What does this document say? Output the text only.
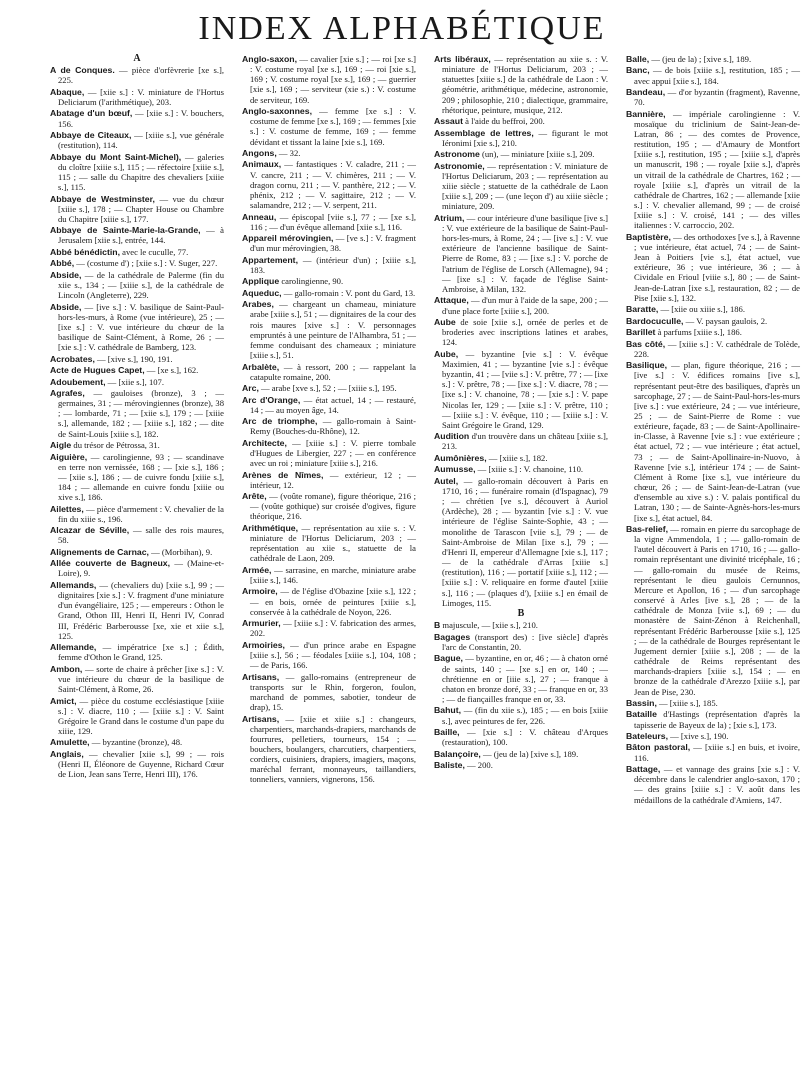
INDEX ALPHABÉTIQUE
A
A de Conques. — pièce d'orfèvrerie [xe s.], 225.
Abaque, — [xiie s.] : V. miniature de l'Hortus Deliciarum (l'arithmétique), 203.
Abatage d'un bœuf, — [xiie s.] : V. bouchers, 156.
Abbaye de Citeaux, — [xiiie s.], vue générale (restitution), 114.
Abbaye du Mont Saint-Michel), — galeries du cloître [xiiie s.], 115 ; — réfectoire [xiiie s.], 115 ; — salle du Chapitre des chevaliers [xiiie s.], 115.
Abbaye de Westminster, — vue du chœur [xiiie s.], 178 ; — Chapter House ou Chambre du Chapitre [xiiie s.], 177.
Abbaye de Sainte-Marie-la-Grande, — à Jerusalem [xiie s.], entrée, 144.
Abbé bénédictin, avec le cuculle, 77.
Abbé, — (costume d') ; [xiie s.] : V. Suger, 227.
Abside, — de la cathédrale de Palerme (fin du xiie s., 134 ; — [xiiie s.], de la cathédrale de Lincoln (Angleterre), 229.
Abside, — [ive s.] : V. basilique de Saint-Paul-hors-les-murs, à Rome (vue intérieure), 25 ; — [ixe s.] : V. vue intérieure du chœur de la basilique de Saint-Clément, à Rome, 26 ; — [xie s.] : V. cathédrale de Bamberg, 123.
Acrobates, — [xive s.], 190, 191.
Acte de Hugues Capet, — [xe s.], 162.
Adoubement, — [xiie s.], 107.
Agrafes, — gauloises (bronze), 3 ; — germaines, 31 ; — mérovingiennes (bronze), 38 ; — lombarde, 71 ; — [xiie s.], 179 ; — [xiiie s.], allemande, 182 ; — [xiiie s.], 182 ; — dite de Saint-Louis [xiiie s.], 182.
Aigle du trésor de Pétrossa, 31.
Aiguière, — carolingienne, 93 ; — scandinave en terre non vernissée, 168 ; — [xie s.], 186 ; — [xiie s.], 186 ; — de cuivre fondu [xiiie s.], 184 ; — allemande en cuivre fondu [xiiie ou xive s.], 186.
Ailettes, — pièce d'armement : V. chevalier de la fin du xiiie s., 196.
Alcazar de Séville, — salle des rois maures, 58.
Alignements de Carnac, — (Morbihan), 9.
Allée couverte de Bagneux, — (Maine-et-Loire), 9.
Allemands, — (chevaliers du) [xiie s.], 99 ; — dignitaires [xie s.] : V. fragment d'une miniature d'un évangéliaire, 125 ; — empereurs : Othon le Grand, Othon III, Henri II, Henri IV, Conrad III, Frédéric Barberousse [xe, xie et xiie s.], 125.
Allemande, — impératrice [xe s.] ; Édith, femme d'Othon le Grand, 125.
Ambon, — sorte de chaire à prêcher [ixe s.] : V. vue intérieure du chœur de la basilique de Saint-Clément, à Rome, 26.
Amict, — pièce du costume ecclésiastique [xiiie s.] : V. diacre, 110 ; — [xiiie s.] : V. Saint Grégoire le Grand dans le costume d'un pape du xiiie, 129.
Amulette, — byzantine (bronze), 48.
Anglais, — chevalier [xiie s.], 99 ; — rois (Henri II, Éléonore de Guyenne, Richard Cœur de Lion, Jean sans Terre, Henri III), 176.
Anglo-saxon, — cavalier [xie s.] ; — roi [xe s.] : V. costume royal [xe s.], 169 ; — roi [xie s.], 169 ; V. costume royal [xe s.], 169 ; — guerrier [xie s.], 169 ; — serviteur (xie s.) : V. costume de serviteur, 169.
Anglo-saxonnes, — femme [xe s.] : V. costume de femme [xe s.], 169 ; — femmes [xie s.] : V. costume de femme, 169 ; — femme dévidant et tissant la laine [xie s.], 169.
Angons, — 32.
Animaux, — fantastiques : V. caladre, 211 ; — V. cancre, 211 ; — V. chimères, 211 ; — V. dragon cornu, 211 ; — V. panthère, 212 ; — V. phénix, 212 ; — V. sagittaire, 212 ; — V. salamandre, 212 ; — V. serpent, 211.
Anneau, — épiscopal [viie s.], 77 ; — [xe s.], 116 ; — d'un évêque allemand [xiie s.], 116.
Appareil mérovingien, — [ve s.] : V. fragment d'un mur mérovingien, 38.
Appartement, — (intérieur d'un) ; [xiiie s.], 183.
Applique carolingienne, 90.
Aqueduc, — gallo-romain : V. pont du Gard, 13.
Arabes, — chargeant un chameau, miniature arabe [xiiie s.], 51 ; — dignitaires de la cour des rois maures [xive s.] : V. personnages empruntés à une peinture de l'Alhambra, 51 ; — femme conduisant des chameaux ; miniature [xiiie s.], 51.
Arbalète, — à ressort, 200 ; — rappelant la catapulte romaine, 200.
Arc, — arabe [xve s.], 52 ; — [xiiie s.], 195.
Arc d'Orange, — état actuel, 14 ; — restauré, 14 ; — au moyen âge, 14.
Arc de triomphe, — gallo-romain à Saint-Remy (Bouches-du-Rhône), 12.
Architecte, — [xiiie s.] : V. pierre tombale d'Hugues de Libergier, 227 ; — en conférence avec un roi ; miniature [xiiie s.], 216.
Arènes de Nîmes, — extérieur, 12 ; — intérieur, 12.
Arête, — (voûte romane), figure théorique, 216 ; — (voûte gothique) sur croisée d'ogives, figure théorique, 216.
Arithmétique, — représentation au xiie s. : V. miniature de l'Hortus Deliciarum, 203 ; — représentation au xiie s., statuette de la cathédrale de Laon, 209.
Armée, — sarrasine, en marche, miniature arabe [xiiie s.], 146.
Armoire, — de l'église d'Obazine [xiie s.], 122 ; — en bois, ornée de peintures [xiiie s.], conservée à la cathédrale de Noyon, 226.
Armurier, — [xiiie s.] : V. fabrication des armes, 202.
Armoiries, — d'un prince arabe en Espagne [xiiie s.], 56 ; — féodales [xiiie s.], 104, 108 ; — de Paris, 166.
Artisans, — gallo-romains (entrepreneur de transports sur le Rhin, forgeron, foulon, marchand de pommes, sabotier, tondeur de drap), 15.
Artisans, — [xiie et xiiie s.] : changeurs, charpentiers, marchands-drapiers, marchands de fourrures, pelletiers, tourneurs, 154 ; — bouchers, boulangers, charcutiers, charpentiers, cordiers, cuisiniers, drapiers, imagiers, maçons, maréchal ferrant, monnayeurs, taillandiers, tonneliers, vanniers, vignerons, 156.
Arts libéraux, — représentation au xiie s. : V. miniature de l'Hortus Deliciarum, 203 ; — statuettes [xiiie s.] de la cathédrale de Laon : V. géométrie, arithmétique, médecine, astronomie, 209 ; philosophie, 210 ; dialectique, grammaire, rhétorique, peinture, musique, 212.
Assaut à l'aide du beffroi, 200.
Assemblage de lettres, — figurant le mot Iéronimi [xie s.], 210.
Astronome (un), — miniature [xiiie s.], 209.
Astronomie, — représentation : V. miniature de l'Hortus Deliciarum, 203 ; — représentation au xiiie siècle ; statuette de la cathédrale de Laon [xiiie s.], 209 ; — (une leçon d') au xiiie siècle ; miniature, 209.
Atrium, — cour intérieure d'une basilique [ive s.] : V. vue extérieure de la basilique de Saint-Paul-hors-les-murs, à Rome, 24 ; — [ive s.] : V. vue extérieure de l'ancienne basilique de Saint-Pierre de Rome, 83 ; — [ixe s.] : V. porche de l'atrium de l'église de Lorsch (Allemagne), 94 ; — [ixe s.] : V. façade de l'église Saint-Ambroise, à Milan, 132.
Attaque, — d'un mur à l'aide de la sape, 200 ; — d'une place forte [xiiie s.], 200.
Aube de soie [xiie s.], ornée de perles et de broderies avec inscriptions latines et arabes, 124.
Aube, — byzantine [vie s.] : V. évêque Maximien, 41 ; — byzantine [vie s.] : évêque byzantin, 41 ; — [viie s.] : V. prêtre, 77 ; — [ixe s.] : V. prêtre, 78 ; — [ixe s.] : V. diacre, 78 ; — [ixe s.] : V. chanoine, 78 ; — [xie s.] : V. pape Nicolas Ier, 129 ; — [xiie s.] : V. prêtre, 110 ; — [xiiie s.] : V. évêque, 110 ; — [xiiie s.] : V. Saint Grégoire le Grand, 129.
Audition d'un trouvère dans un château [xiiie s.], 213.
Aumônières, — [xiiie s.], 182.
Aumusse, — [xiiie s.] : V. chanoine, 110.
Autel, — gallo-romain découvert à Paris en 1710, 16 ; — funéraire romain (d'Ispagnac), 79 ; — chrétien [ve s.], découvert à Auriol (Ardèche), 28 ; — byzantin [vie s.] : V. vue intérieure de l'église Sainte-Sophie, 43 ; — monolithe de Tarascon [viie s.], 79 ; — de Saint-Ambroise de Milan [ixe s.], 79 ; — d'Henri II, empereur d'Allemagne [xie s.], 117 ; — de la cathédrale d'Arras [xiiie s.] (restitution), 116 ; — portatif [xiiie s.], 112 ; — [xiiie s.] : V. reliquaire en forme d'autel [xiiie s.], 116 ; — (plaques d'), [xiiie s.] en émail de Limoges, 115.
B
B majuscule, — [xiie s.], 210.
Bagages (transport des) : [ive siècle] d'après l'arc de Constantin, 20.
Bague, — byzantine, en or, 46 ; — à chaton orné de saints, 140 ; — [xe s.] en or, 140 ; — chrétienne en or [iiie s.], 27 ; — franque à chaton en bronze doré, 33 ; — franque en or, 33 ; — de fiançailles franque en or, 33.
Bahut, — (fin du xiie s.), 185 ; — en bois [xiiie s.], avec peintures de fer, 226.
Baille, — [xie s.] : V. château d'Arques (restauration), 100.
Balançoire, — (jeu de la) [xive s.], 189.
Baliste, — 200.
Balle, — (jeu de la) ; [xive s.], 189.
Banc, — de bois [xiiie s.], restitution, 185 ; — avec appui [xiie s.], 184.
Bandeau, — d'or byzantin (fragment), Ravenne, 70.
Bannière, — impériale carolingienne : V. mosaïque du triclinium de Saint-Jean-de-Latran, 86 ; — des comtes de Provence, restitution, 195 ; — d'Amaury de Montfort [xiiie s.], restitution, 195 ; — [xiiie s.], d'après un manuscrit, 198 ; — royale [xiie s.], d'après un vitrail de la cathédrale de Chartres, 162 ; — royale [xiiie s.], d'après un vitrail de la cathédrale de Chartres, 162 ; — allemande [xiie s.] : V. chevalier allemand, 99 ; — de croisé [xiiie s.] : V. croisé, 141 ; — des villes italiennes : V. carroccio, 202.
Baptistère, — des orthodoxes [ve s.], à Ravenne ; vue intérieure, état actuel, 74 ; — de Saint-Jean à Poitiers [vie s.], état actuel, vue extérieure, 36 ; vue intérieure, 36 ; — à Cividale en Frioul [viiie s.], 80 ; — de Saint-Jean-de-Latran [ixe s.], restauration, 82 ; — de Pise [xiie s.], 132.
Baratte, — [xiie ou xiiie s.], 186.
Bardocuculle, — V. paysan gaulois, 2.
Barillet à parfums [xiiie s.], 186.
Bas côté, — [xiiie s.] : V. cathédrale de Tolède, 228.
Basilique, — plan, figure théorique, 216 ; — [ive s.] : V. édifices romains [ive s.], représentant peut-être des basiliques, d'après un sarcophage, 27 ; — de Saint-Paul-hors-les-murs [ive s.] : vue extérieure, 24 ; — vue intérieure, 25 ; — de Saint-Pierre de Rome : vue extérieure, façade, 83 ; — de Saint-Apollinaire-in-Classe, à Ravenne [vie s.] : vue extérieure ; état actuel, 72 ; — vue intérieure ; état actuel, 73 ; — de Saint-Apollinaire-in-Nuovo, à Ravenne [vie s.], intérieur 174 ; — de Saint-Clément à Rome [ixe s.], vue intérieure du chœur, 26 ; — de Saint-Jean-de-Latran (vue d'ensemble au xive s.) : V. palais pontifical du Latran, 130 ; — de Sainte-Agnès-hors-les-murs [ixe s.], état actuel, 84.
Bas-relief, — romain en pierre du sarcophage de la vigne Ammendola, 1 ; — gallo-romain de l'autel découvert à Paris en 1710, 16 ; — gallo-romain représentant une divinité tricéphale, 16 ; — gallo-romain du musée de Reims, représentant le dieu gaulois Cernunnos, Mercure et Apollon, 16 ; — d'un sarcophage conservé à Arles [ive s.], 28 ; — de la cathédrale de Monza [viie s.], 69 ; — du monastère de Saint-Zénon à Reichenhall, représentant Frédéric Barberousse [xiie s.], 125 ; — de la cathédrale de Bourges représentant le Jugement dernier [xiiie s.], 208 ; — de la cathédrale de Reims représentant des marchands-drapiers [xiiie s.], 154 ; — en bronze de la cathédrale d'Arezzo [xiiie s.], par Jean de Pise, 230.
Bassin, — [xiiie s.], 185.
Bataille d'Hastings (représentation d'après la tapisserie de Bayeux de la) ; [xie s.], 173.
Bateleurs, — [xive s.], 190.
Bâton pastoral, — [xiiie s.] en buis, et ivoire, 116.
Battage, — et vannage des grains [xie s.] : V. décembre dans le calendrier anglo-saxon, 170 ; — des grains [xiiie s.] : V. août dans les médaillons de la cathédrale d'Amiens, 147.
